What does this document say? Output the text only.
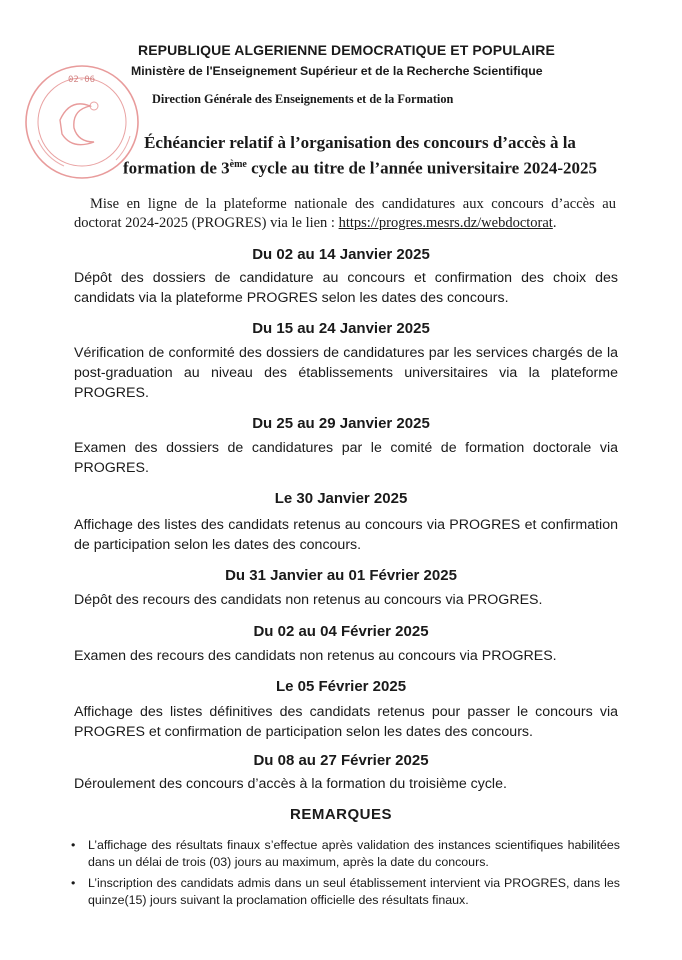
02-06
REPUBLIQUE ALGERIENNE DEMOCRATIQUE ET POPULAIRE
Ministère de l'Enseignement Supérieur et de la Recherche Scientifique
Direction Générale des Enseignements et de la Formation
Échéancier relatif à l’organisation des concours d’accès à la
formation de 3ème cycle au titre de l’année universitaire 2024-2025
Mise en ligne de la plateforme nationale des candidatures aux concours d’accès au doctorat 2024-2025 (PROGRES) via le lien : https://progres.mesrs.dz/webdoctorat.
Du 02 au 14 Janvier 2025
Dépôt des dossiers de candidature au concours et confirmation des choix des candidats via la plateforme PROGRES selon les dates des concours.
Du 15 au 24 Janvier 2025
Vérification de conformité des dossiers de candidatures par les services chargés de la post-graduation au niveau des établissements universitaires via la plateforme PROGRES.
Du 25 au 29 Janvier 2025
Examen des dossiers de candidatures par le comité de formation doctorale via PROGRES.
Le 30 Janvier 2025
Affichage des listes des candidats retenus au concours via PROGRES et confirmation de participation selon les dates des concours.
Du 31 Janvier au 01 Février 2025
Dépôt des recours des candidats non retenus au concours via PROGRES.
Du 02 au 04 Février 2025
Examen des recours des candidats non retenus au concours via PROGRES.
Le 05 Février 2025
Affichage des listes définitives des candidats retenus pour passer le concours via PROGRES et confirmation de participation selon les dates des concours.
Du 08 au 27 Février 2025
Déroulement des concours d’accès à la formation du troisième cycle.
REMARQUES
• L’affichage des résultats finaux s’effectue après validation des instances scientifiques habilitées dans un délai de trois (03) jours au maximum, après la date du concours.
• L’inscription des candidats admis dans un seul établissement intervient via PROGRES, dans les quinze(15) jours suivant la proclamation officielle des résultats finaux.
